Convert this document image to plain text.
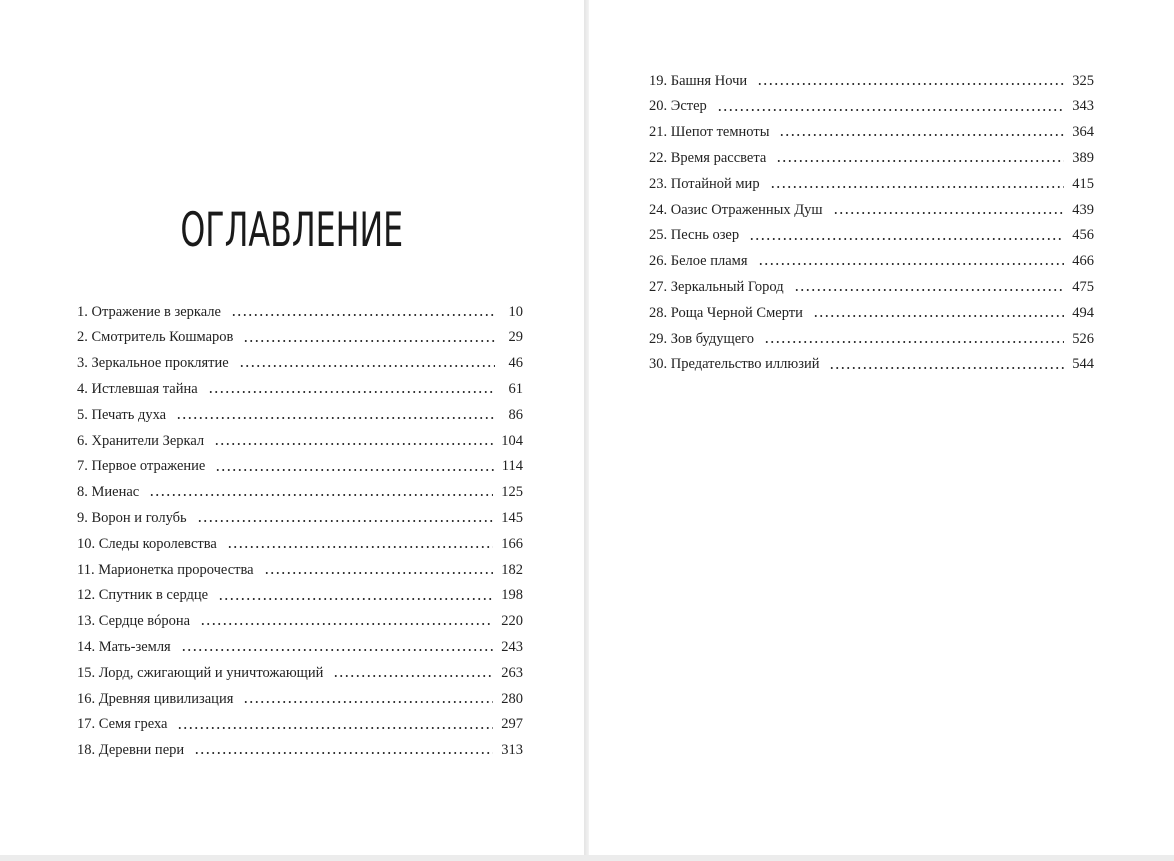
ОГЛАВЛЕНИЕ
1. Отражение в зеркале	10
2. Смотритель Кошмаров	29
3. Зеркальное проклятие	46
4. Истлевшая тайна	61
5. Печать духа	86
6. Хранители Зеркал	104
7. Первое отражение	114
8. Миенас	125
9. Ворон и голубь	145
10. Следы королевства	166
11. Марионетка пророчества	182
12. Спутник в сердце	198
13. Сердце вóрона	220
14. Мать-земля	243
15. Лорд, сжигающий и уничтожающий	263
16. Древняя цивилизация	280
17. Семя греха	297
18. Деревни пери	313
19. Башня Ночи	325
20. Эстер	343
21. Шепот темноты	364
22. Время рассвета	389
23. Потайной мир	415
24. Оазис Отраженных Душ	439
25. Песнь озер	456
26. Белое пламя	466
27. Зеркальный Город	475
28. Роща Черной Смерти	494
29. Зов будущего	526
30. Предательство иллюзий	544
